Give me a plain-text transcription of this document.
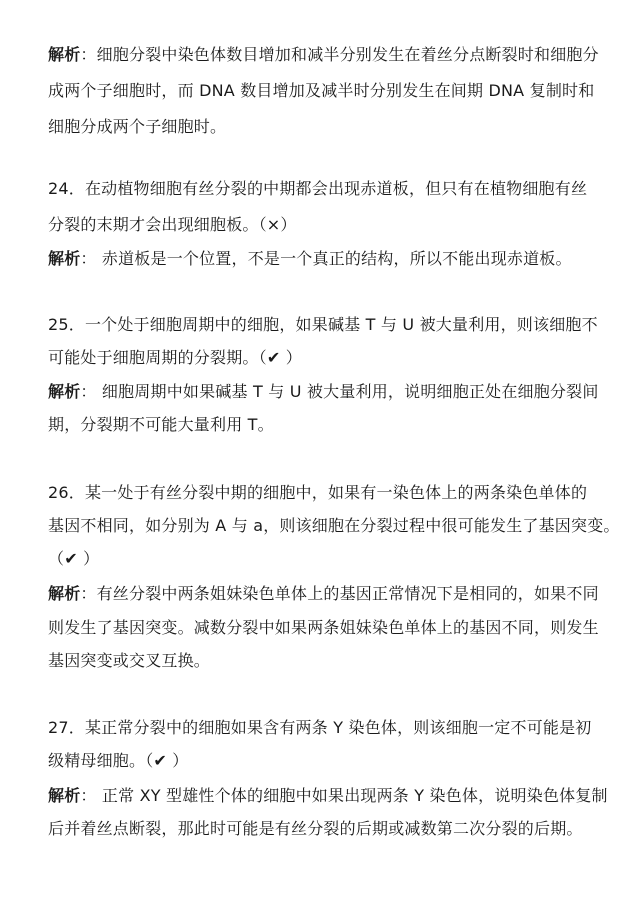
解析：细胞分裂中染色体数目增加和减半分别发生在着丝分点断裂时和细胞分
成两个子细胞时，而 DNA 数目增加及减半时分别发生在间期 DNA 复制时和
细胞分成两个子细胞时。
24．在动植物细胞有丝分裂的中期都会出现赤道板，但只有在植物细胞有丝
分裂的末期才会出现细胞板。（×）
解析： 赤道板是一个位置，不是一个真正的结构，所以不能出现赤道板。
25．一个处于细胞周期中的细胞，如果碱基 T 与 U 被大量利用，则该细胞不
可能处于细胞周期的分裂期。（✔ ）
解析： 细胞周期中如果碱基 T 与 U 被大量利用，说明细胞正处在细胞分裂间
期，分裂期不可能大量利用 T。
26．某一处于有丝分裂中期的细胞中，如果有一染色体上的两条染色单体的
基因不相同，如分别为 A 与 a，则该细胞在分裂过程中很可能发生了基因突变。
（✔ ）
解析：有丝分裂中两条姐妹染色单体上的基因正常情况下是相同的，如果不同
则发生了基因突变。减数分裂中如果两条姐妹染色单体上的基因不同，则发生
基因突变或交叉互换。
27．某正常分裂中的细胞如果含有两条 Y 染色体，则该细胞一定不可能是初
级精母细胞。（✔ ）
解析： 正常 XY 型雄性个体的细胞中如果出现两条 Y 染色体，说明染色体复制
后并着丝点断裂，那此时可能是有丝分裂的后期或减数第二次分裂的后期。
